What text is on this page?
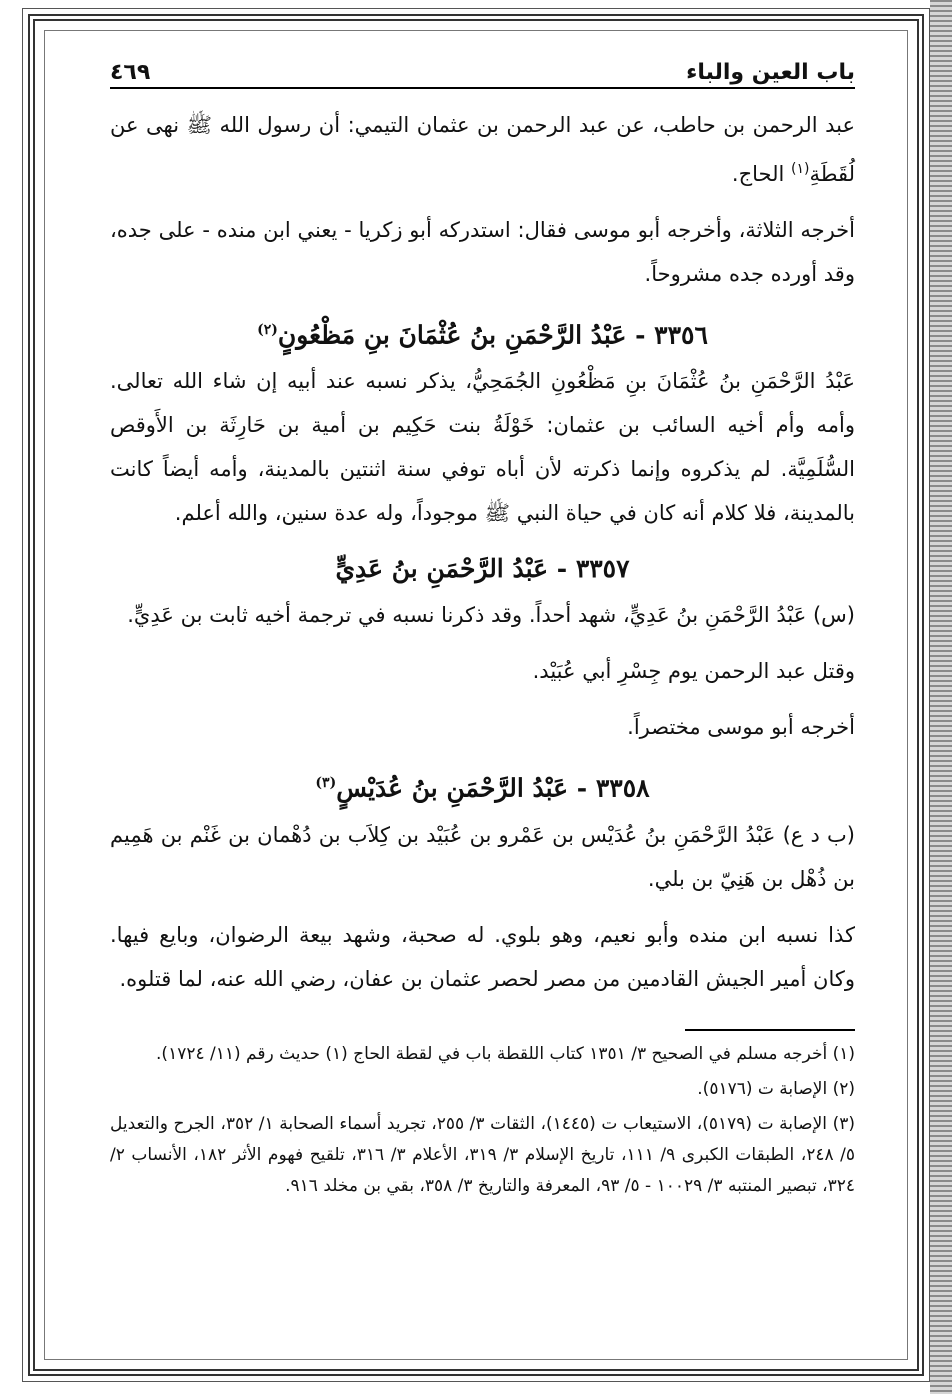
باب العين والباء
٤٦٩

عبد الرحمن بن حاطب، عن عبد الرحمن بن عثمان التيمي: أن رسول الله ﷺ نهى عن لُقَطَةِ$^{(١)}$ الحاج.

أخرجه الثلاثة، وأخرجه أبو موسى فقال: استدركه أبو زكريا - يعني ابن منده - على جده، وقد أورده جده مشروحاً.

٣٣٥٦ - عَبْدُ الرَّحْمَنِ بنُ عُثْمَانَ بنِ مَظْعُونٍ$^{(٢)}$

عَبْدُ الرَّحْمَنِ بنُ عُثْمَانَ بنِ مَظْعُونِ الجُمَحِيُّ، يذكر نسبه عند أبيه إن شاء الله تعالى. وأمه وأم أخيه السائب بن عثمان: خَوْلَةُ بنت حَكِيم بن أمية بن حَارِثَة بن الأَوقص السُّلَمِيَّة. لم يذكروه وإنما ذكرته لأن أباه توفي سنة اثنتين بالمدينة، وأمه أيضاً كانت بالمدينة، فلا كلام أنه كان في حياة النبي ﷺ موجوداً، وله عدة سنين، والله أعلم.

٣٣٥٧ - عَبْدُ الرَّحْمَنِ بنُ عَدِيٍّ

(س) عَبْدُ الرَّحْمَنِ بنُ عَدِيٍّ، شهد أحداً. وقد ذكرنا نسبه في ترجمة أخيه ثابت بن عَدِيٍّ.

وقتل عبد الرحمن يوم جِسْرِ أبي عُبَيْد.

أخرجه أبو موسى مختصراً.

٣٣٥٨ - عَبْدُ الرَّحْمَنِ بنُ عُدَيْسٍ$^{(٣)}$

(ب د ع) عَبْدُ الرَّحْمَنِ بنُ عُدَيْس بن عَمْرو بن عُبَيْد بن كِلاَب بن دُهْمان بن غَنْم بن هَمِيم بن ذُهْل بن هَنِيّ بن بلي.

كذا نسبه ابن منده وأبو نعيم، وهو بلوي. له صحبة، وشهد بيعة الرضوان، وبايع فيها. وكان أمير الجيش القادمين من مصر لحصر عثمان بن عفان، رضي الله عنه، لما قتلوه.

(١) أخرجه مسلم في الصحيح ٣/ ١٣٥١ كتاب اللقطة باب في لقطة الحاج (١) حديث رقم (١١/ ١٧٢٤).

(٢) الإصابة ت (٥١٧٦).

(٣) الإصابة ت (٥١٧٩)، الاستيعاب ت (١٤٤٥)، الثقات ٣/ ٢٥٥، تجريد أسماء الصحابة ١/ ٣٥٢، الجرح والتعديل ٥/ ٢٤٨، الطبقات الكبرى ٩/ ١١١، تاريخ الإسلام ٣/ ٣١٩، الأعلام ٣/ ٣١٦، تلقيح فهوم الأثر ١٨٢، الأنساب ٢/ ٣٢٤، تبصير المنتبه ٣/ ١٠٠٢٩ - ٥/ ٩٣، المعرفة والتاريخ ٣/ ٣٥٨، بقي بن مخلد ٩١٦.
